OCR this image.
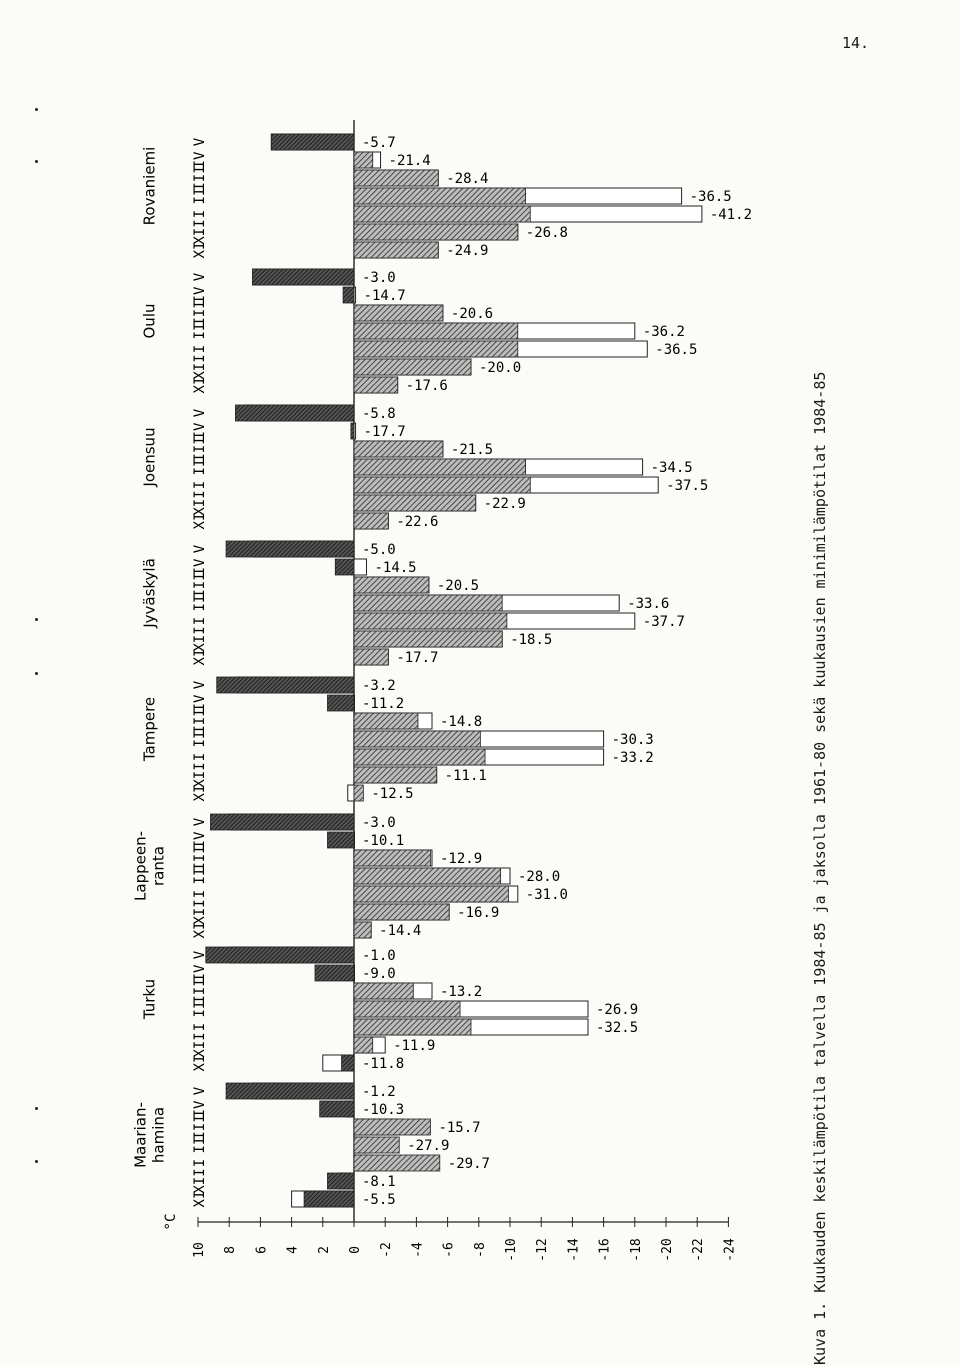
14.
°C
10 8 6 4 2 0 -2 -4 -6 -8 -10 -12 -14 -16 -18 -20 -22 -24
Maarian- hamina
XI
XII
I
II
III
IV
V
-5.5
-8.1
-29.7
-27.9
-15.7
-10.3
-1.2
Turku
XI
XII
I
II
III
IV
V
-11.8
-11.9
-32.5
-26.9
-13.2
-9.0
-1.0
Lappeen- ranta
XI
XII
I
II
III
IV
V
-14.4
-16.9
-31.0
-28.0
-12.9
-10.1
-3.0
Tampere
XI
XII
I
II
III
IV
V
-12.5
-11.1
-33.2
-30.3
-14.8
-11.2
-3.2
Jyväskylä
XI
XII
I
II
III
IV
V
-17.7
-18.5
-37.7
-33.6
-20.5
-14.5
-5.0
Joensuu
XI
XII
I
II
III
IV
V
-22.6
-22.9
-37.5
-34.5
-21.5
-17.7
-5.8
Oulu
XI
XII
I
II
III
IV
V
-17.6
-20.0
-36.5
-36.2
-20.6
-14.7
-3.0
Rovaniemi
XI
XII
I
II
III
IV
V
-24.9
-26.8
-41.2
-36.5
-28.4
-21.4
-5.7
Kuva 1. Kuukauden keskilämpötila talvella 1984-85 ja jaksolla 1961-80 sekä kuukausien minimilämpötilat 1984-85
